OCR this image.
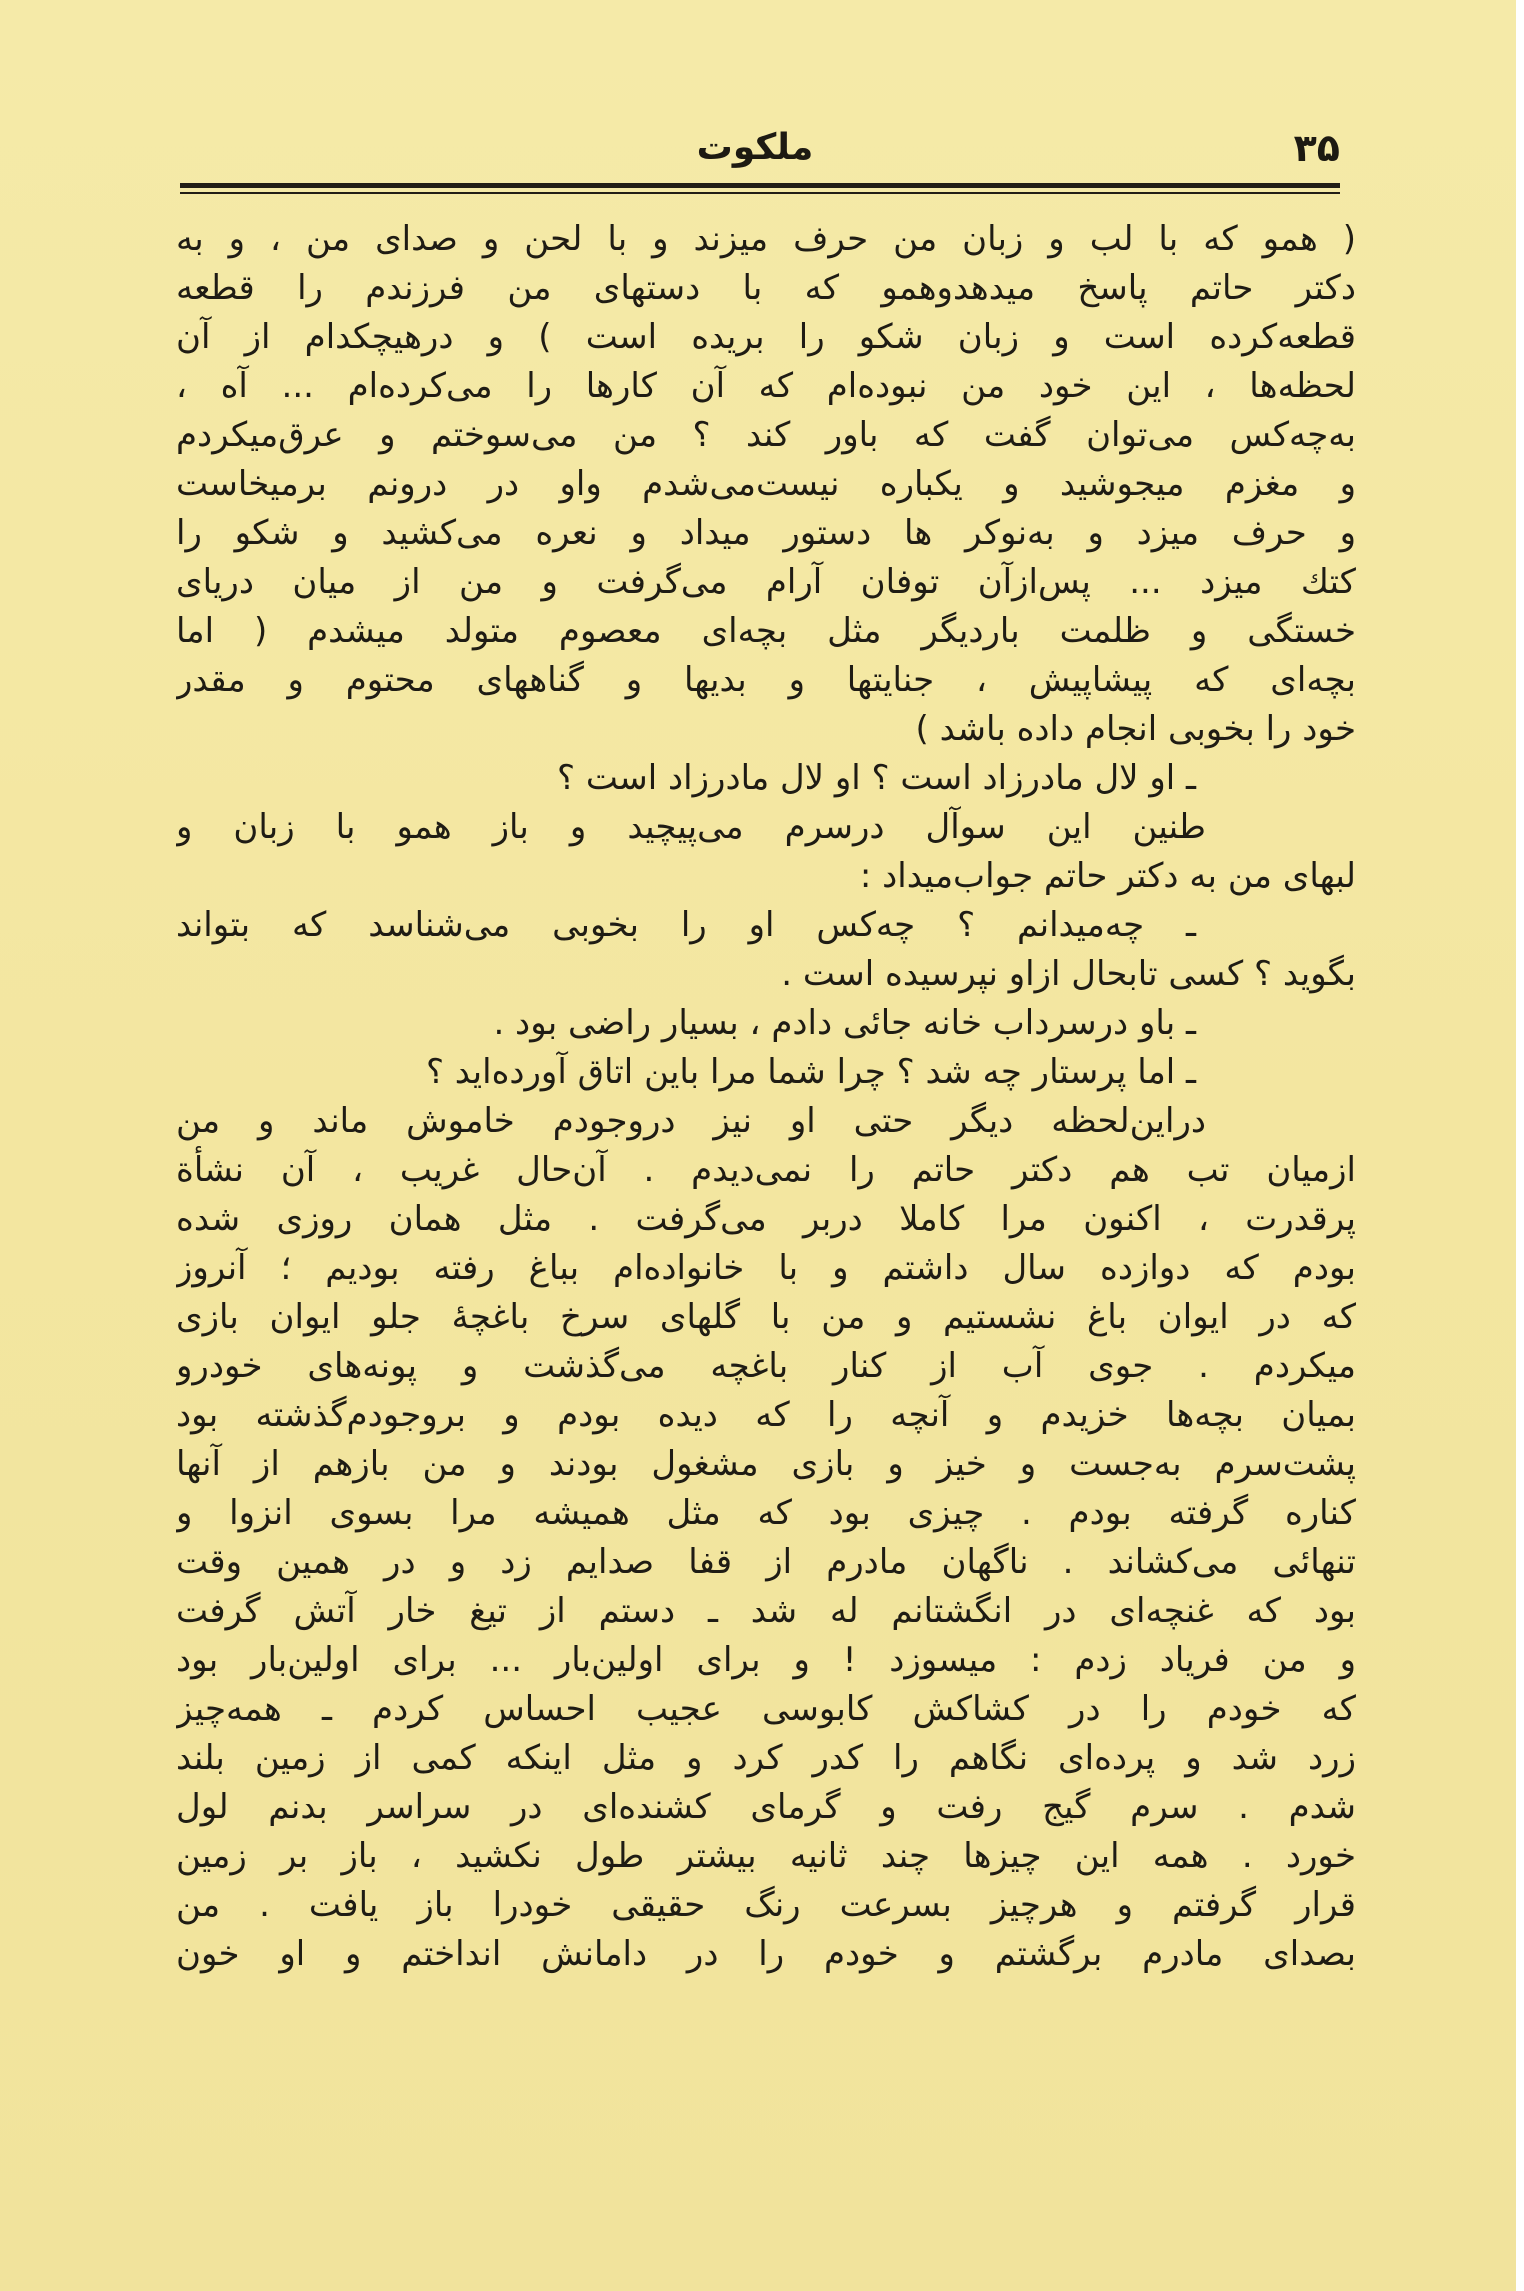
۳۵
ملکوت
( همو که با لب و زبان من حرف میزند و با لحن و صدای من ، و به
دکتر حاتم پاسخ میدهدوهمو که با دستهای من فرزندم را قطعه
قطعه‌کرده است و زبان شکو را بریده است ) و درهیچکدام از آن
لحظه‌ها ، این خود من نبوده‌ام که آن کارها را می‌کرده‌ام ... آه ،
به‌چه‌کس می‌توان گفت که باور کند ؟ من می‌سوختم و عرق‌میکردم
و مغزم میجوشید و یکباره نیست‌می‌شدم واو در درونم برمیخاست
و حرف میزد و به‌نوکر ها دستور میداد و نعره می‌کشید و شکو را
کتك میزد ... پس‌ازآن توفان آرام می‌گرفت و من از میان دریای
خستگی و ظلمت باردیگر مثل بچه‌ای معصوم متولد میشدم ( اما
بچه‌ای که پیشاپیش ، جنایتها و بدیها و گناههای محتوم و مقدر
خود را بخوبی انجام داده باشد )
ـ او لال مادرزاد است ؟ او لال مادرزاد است ؟
طنین این سوآل درسرم می‌پیچید و باز همو با زبان و
لبهای من به دکتر حاتم جواب‌میداد :
ـ چه‌میدانم ؟ چه‌کس او را بخوبی می‌شناسد که بتواند
بگوید ؟ کسی تابحال ازاو نپرسیده است .
ـ باو درسرداب خانه جائی دادم ، بسیار راضی بود .
ـ اما پرستار چه شد ؟ چرا شما مرا باین اتاق آورده‌اید ؟
دراین‌لحظه دیگر حتی او نیز دروجودم خاموش ماند و من
ازمیان تب هم دکتر حاتم را نمی‌دیدم . آن‌حال غریب ، آن نشأة
پرقدرت ، اکنون مرا کاملا دربر می‌گرفت . مثل همان روزی شده
بودم که دوازده سال داشتم و با خانواده‌ام بباغ رفته بودیم ؛ آنروز
که در ایوان باغ نشستیم و من با گلهای سرخ باغچهٔ جلو ایوان بازی
میکردم . جوی آب از کنار باغچه می‌گذشت و پونه‌های خودرو
بمیان بچه‌ها خزیدم و آنچه را که دیده بودم و بروجودم‌گذشته بود
پشت‌سرم به‌جست و خیز و بازی مشغول بودند و من بازهم از آنها
کناره گرفته بودم . چیزی بود که مثل همیشه مرا بسوی انزوا و
تنهائی می‌کشاند . ناگهان مادرم از قفا صدایم زد و در همین وقت
بود که غنچه‌ای در انگشتانم له شد ـ دستم از تیغ خار آتش گرفت
و من فریاد زدم : میسوزد ! و برای اولین‌بار ... برای اولین‌بار بود
که خودم را در کشاکش کابوسی عجیب احساس کردم ـ همه‌چیز
زرد شد و پرده‌ای نگاهم را کدر کرد و مثل اینکه کمی از زمین بلند
شدم . سرم گیج رفت و گرمای کشنده‌ای در سراسر بدنم لول
خورد . همه این چیزها چند ثانیه بیشتر طول نکشید ، باز بر زمین
قرار گرفتم و هرچیز بسرعت رنگ حقیقی خودرا باز یافت . من
بصدای مادرم برگشتم و خودم را در دامانش انداختم و او خون
